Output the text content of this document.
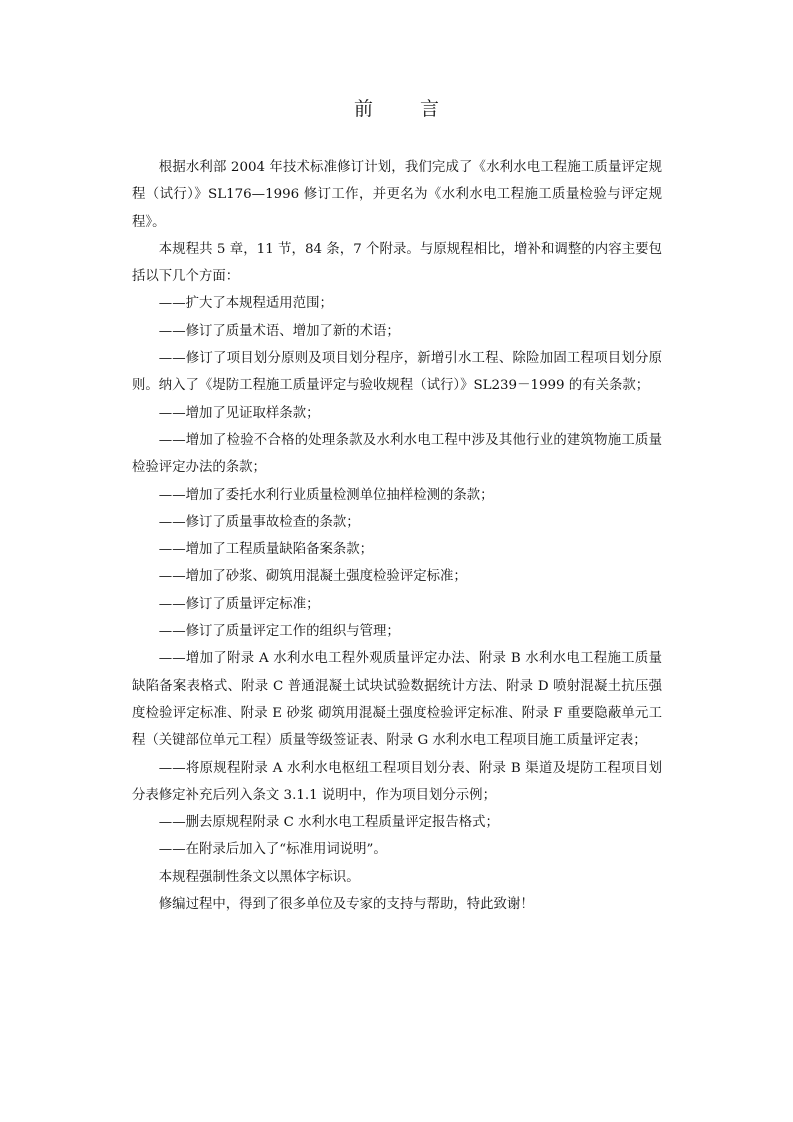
前　言

根据水利部 2004 年技术标准修订计划，我们完成了《水利水电工程施工质量评定规程（试行）》SL176—1996 修订工作，并更名为《水利水电工程施工质量检验与评定规程》。

本规程共 5 章，11 节，84 条，7 个附录。与原规程相比，增补和调整的内容主要包括以下几个方面：

——扩大了本规程适用范围；

——修订了质量术语、增加了新的术语；

——修订了项目划分原则及项目划分程序，新增引水工程、除险加固工程项目划分原则。纳入了《堤防工程施工质量评定与验收规程（试行）》SL239－1999 的有关条款；

——增加了见证取样条款；

——增加了检验不合格的处理条款及水利水电工程中涉及其他行业的建筑物施工质量检验评定办法的条款；

——增加了委托水利行业质量检测单位抽样检测的条款；

——修订了质量事故检查的条款；

——增加了工程质量缺陷备案条款；

——增加了砂浆、砌筑用混凝土强度检验评定标准；

——修订了质量评定标准；

——修订了质量评定工作的组织与管理；

——增加了附录 A 水利水电工程外观质量评定办法、附录 B 水利水电工程施工质量缺陷备案表格式、附录 C 普通混凝土试块试验数据统计方法、附录 D 喷射混凝土抗压强度检验评定标准、附录 E 砂浆 砌筑用混凝土强度检验评定标准、附录 F 重要隐蔽单元工程（关键部位单元工程）质量等级签证表、附录 G 水利水电工程项目施工质量评定表；

——将原规程附录 A 水利水电枢纽工程项目划分表、附录 B 渠道及堤防工程项目划分表修定补充后列入条文 3.1.1 说明中，作为项目划分示例；

——删去原规程附录 C 水利水电工程质量评定报告格式；

——在附录后加入了“标准用词说明”。

本规程强制性条文以黑体字标识。

修编过程中，得到了很多单位及专家的支持与帮助，特此致谢！
